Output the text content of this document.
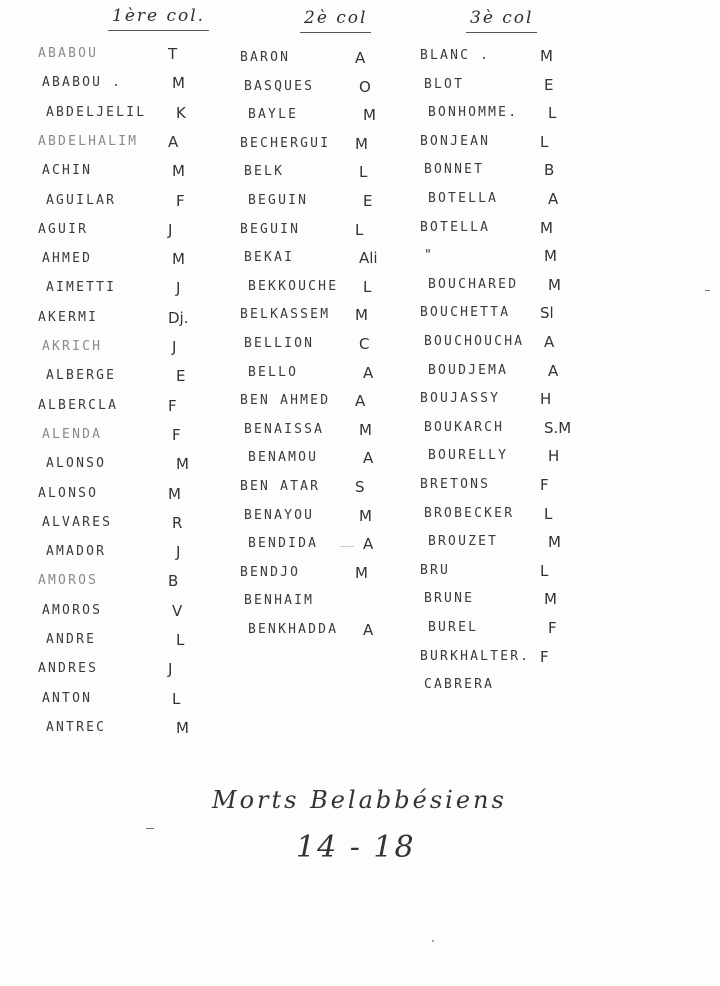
1ère col.	2è col	3è col
ABABOU	T
ABABOU .	M
ABDELJELIL K
ABDELHALIM A
ACHIN	M
AGUILAR	F
AGUIR	J
AHMED	M
AIMETTI	J
AKERMI	Dj.
AKRICH	J
ALBERGE	E
ALBERCLA	F
ALENDA	F
ALONSO	M
ALONSO	M
ALVARES	R
AMADOR	J
AMOROS	B
AMOROS	V
ANDRE	L
ANDRES	J
ANTON	L
ANTREC	M
BARON	A
BASQUES	O
BAYLE	M
BECHERGUI M
BELK	L
BEGUIN	E
BEGUIN	L
BEKAI	Ali
BEKKOUCHE L
BELKASSEM M
BELLION	C
BELLO	A
BEN AHMED A
BENAISSA M
BENAMOU	A
BEN ATAR S
BENAYOU	M
BENDIDA	A
BENDJO	M
BENHAIM
BENKHADDA A
BLANC .	M
BLOT	E
BONHOMME. L
BONJEAN	L
BONNET	B
BOTELLA	A
BOTELLA	M
"	M
BOUCHARED M
BOUCHETTA Sl
BOUCHOUCHA A
BOUDJEMA	A
BOUJASSY	H
BOUKARCH	S.M
BOURELLY	H
BRETONS	F
BROBECKER L
BROUZET	M
BRU	L
BRUNE	M
BUREL	F
BURKHALTER. F
CABRERA
Morts Belabbésiens
14 - 18
